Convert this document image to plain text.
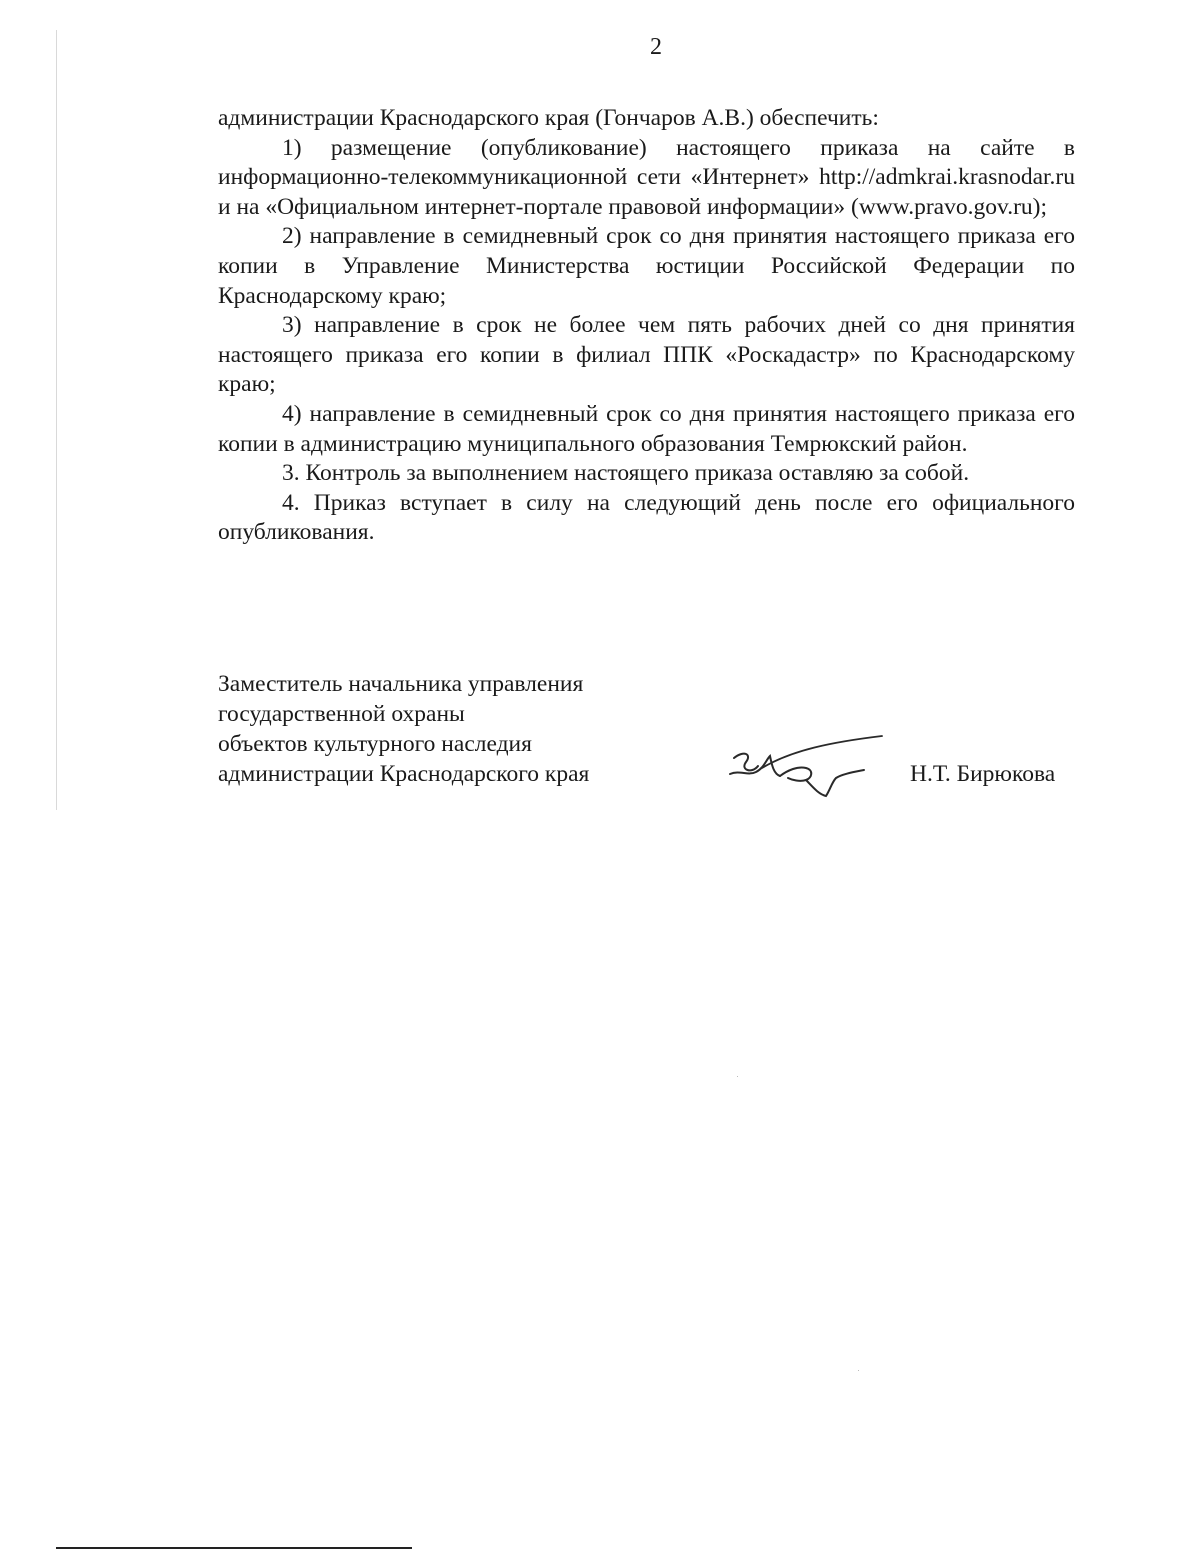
2

администрации Краснодарского края (Гончаров А.В.) обеспечить:

1) размещение (опубликование) настоящего приказа на сайте в информационно-телекоммуникационной сети «Интернет» http://admkrai.krasnodar.ru и на «Официальном интернет-портале правовой информации» (www.pravo.gov.ru);

2) направление в семидневный срок со дня принятия настоящего приказа его копии в Управление Министерства юстиции Российской Федерации по Краснодарскому краю;

3) направление в срок не более чем пять рабочих дней со дня принятия настоящего приказа его копии в филиал ППК «Роскадастр» по Краснодарскому краю;

4) направление в семидневный срок со дня принятия настоящего приказа его копии в администрацию муниципального образования Темрюкский район.

3. Контроль за выполнением настоящего приказа оставляю за собой.

4. Приказ вступает в силу на следующий день после его официального опубликования.

Заместитель начальника управления
государственной охраны
объектов культурного наследия
администрации Краснодарского края	Н.Т. Бирюкова
